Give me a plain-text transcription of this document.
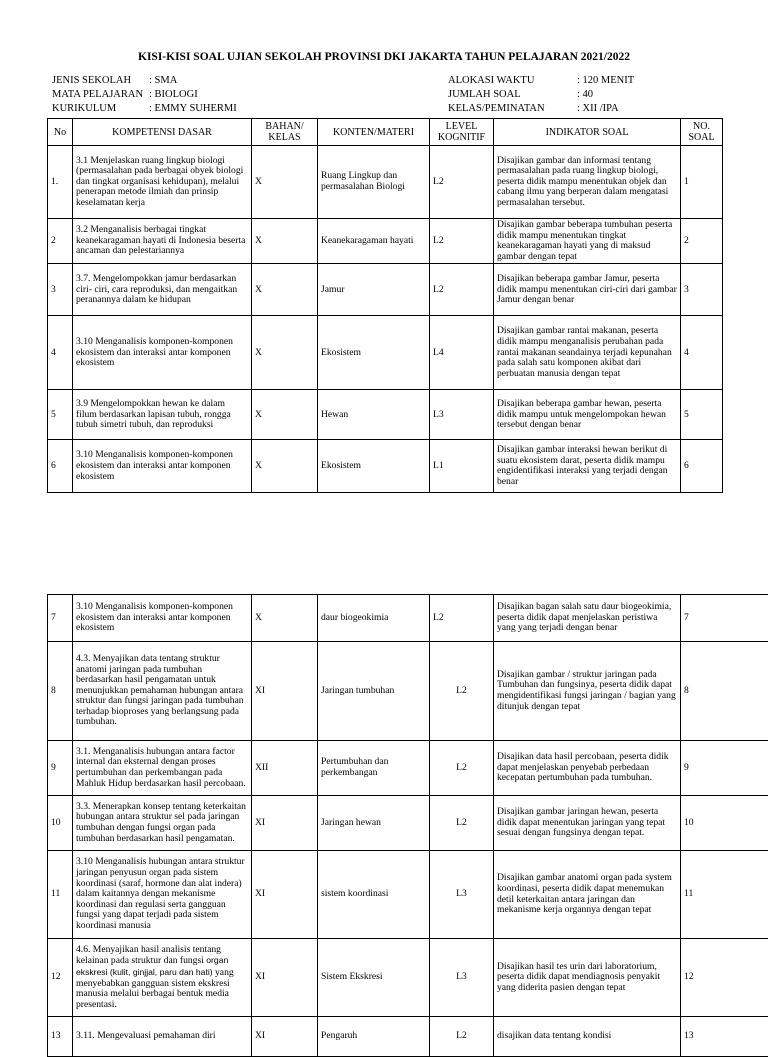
KISI-KISI SOAL UJIAN SEKOLAH PROVINSI DKI JAKARTA TAHUN PELAJARAN 2021/2022
JENIS SEKOLAH : SMA
MATA PELAJARAN : BIOLOGI
KURIKULUM	: EMMY SUHERMI
ALOKASI WAKTU	: 120 MENIT
JUMLAH SOAL	: 40
KELAS/PEMINATAN	: XII /IPA
No	KOMPETENSI DASAR	BAHAN/ KELAS	KONTEN/MATERI	LEVEL KOGNITIF	INDIKATOR SOAL	NO. SOAL
1.	3.1 Menjelaskan ruang lingkup biologi (permasalahan pada berbagai obyek biologi dan tingkat organisasi kehidupan), melalui penerapan metode ilmiah dan prinsip keselamatan kerja	X	Ruang Lingkup dan permasalahan Biologi	L2	Disajikan gambar dan informasi tentang permasalahan pada ruang lingkup biologi, peserta didik mampu menentukan objek dan cabang ilmu yang berperan dalam mengatasi permasalahan tersebut.	1
2	3.2 Menganalisis berbagai tingkat keanekaragaman hayati di Indonesia beserta ancaman dan pelestariannya	X	Keanekaragaman hayati	L2	Disajikan gambar beberapa tumbuhan peserta didik mampu menentukan tingkat keanekaragaman hayati yang di maksud gambar dengan tepat	2
3	3.7. Mengelompokkan jamur berdasarkan ciri- ciri, cara reproduksi, dan mengaitkan peranannya dalam ke hidupan	X	Jamur	L2	Disajikan beberapa gambar Jamur, peserta didik mampu menentukan ciri-ciri dari gambar Jamur dengan benar	3
4	3.10 Menganalisis komponen-komponen ekosistem dan interaksi antar komponen ekosistem	X	Ekosistem	L4	Disajikan gambar rantai makanan, peserta didik mampu menganalisis perubahan pada rantai makanan seandainya terjadi kepunahan pada salah satu komponen akibat dari perbuatan manusia dengan tepat	4
5	3.9 Mengelompokkan hewan ke dalam filum berdasarkan lapisan tubuh, rongga tubuh simetri tubuh, dan reproduksi	X	Hewan	L3	Disajikan beberapa gambar hewan, peserta didik mampu untuk mengelompokan hewan tersebut dengan benar	5
6	3.10 Menganalisis komponen-komponen ekosistem dan interaksi antar komponen ekosistem	X	Ekosistem	L1	Disajikan gambar interaksi hewan berikut di suatu ekosistem darat, peserta didik mampu engidentifikasi interaksi yang terjadi dengan benar	6
7	3.10 Menganalisis komponen-komponen ekosistem dan interaksi antar komponen ekosistem	X	daur biogeokimia	L2	Disajikan bagan salah satu daur biogeokimia, peserta didik dapat menjelaskan peristiwa yang yang terjadi dengan benar	7
8	4.3. Menyajikan data tentang struktur anatomi jaringan pada tumbuhan berdasarkan hasil pengamatan untuk menunjukkan pemahaman hubungan antara struktur dan fungsi jaringan pada tumbuhan terhadap bioproses yang berlangsung pada tumbuhan.	XI	Jaringan tumbuhan	L2	Disajikan gambar / struktur jaringan pada Tumbuhan dan fungsinya, peserta didik dapat mengidentifikasi fungsi jaringan / bagian yang ditunjuk dengan tepat	8
9	3.1. Menganalisis hubungan antara factor internal dan eksternal dengan proses pertumbuhan dan perkembangan pada Mahluk Hidup berdasarkan hasil percobaan.	XII	Pertumbuhan dan perkembangan	L2	Disajikan data hasil percobaan, peserta didik dapat menjelaskan penyebab perbedaan kecepatan pertumbuhan pada tumbuhan.	9
10	3.3. Menerapkan konsep tentang keterkaitan hubungan antara struktur sel pada jaringan tumbuhan dengan fungsi organ pada tumbuhan berdasarkan hasil pengamatan.	XI	Jaringan hewan	L2	Disajikan gambar jaringan hewan, peserta didik dapat menentukan jaringan yang tepat sesuai dengan fungsinya dengan tepat.	10
11	3.10 Menganalisis hubungan antara struktur jaringan penyusun organ pada sistem koordinasi (saraf, hormone dan alat indera) dalam kaitannya dengan mekanisme koordinasi dan regulasi serta gangguan fungsi yang dapat terjadi pada sistem koordinasi manusia	XI	sistem koordinasi	L3	Disajikan gambar anatomi organ pada system koordinasi, peserta didik dapat menemukan detil keterkaitan antara jaringan dan mekanisme kerja organnya dengan tepat	11
12	4.6. Menyajikan hasil analisis tentang kelainan pada struktur dan fungsi organ ekskresi (kulit, ginjjal, paru dan hati) yang menyebabkan gangguan sistem ekskresi manusia melalui berbagai bentuk media presentasi.	XI	Sistem Ekskresi	L3	Disajikan hasil tes urin dari laboratorium, peserta didik dapat mendiagnosis penyakit yang diderita pasien dengan tepat	12
13	3.11. Mengevaluasi pemahaman diri	XI	Pengaruh	L2	disajikan data tentang kondisi	13
